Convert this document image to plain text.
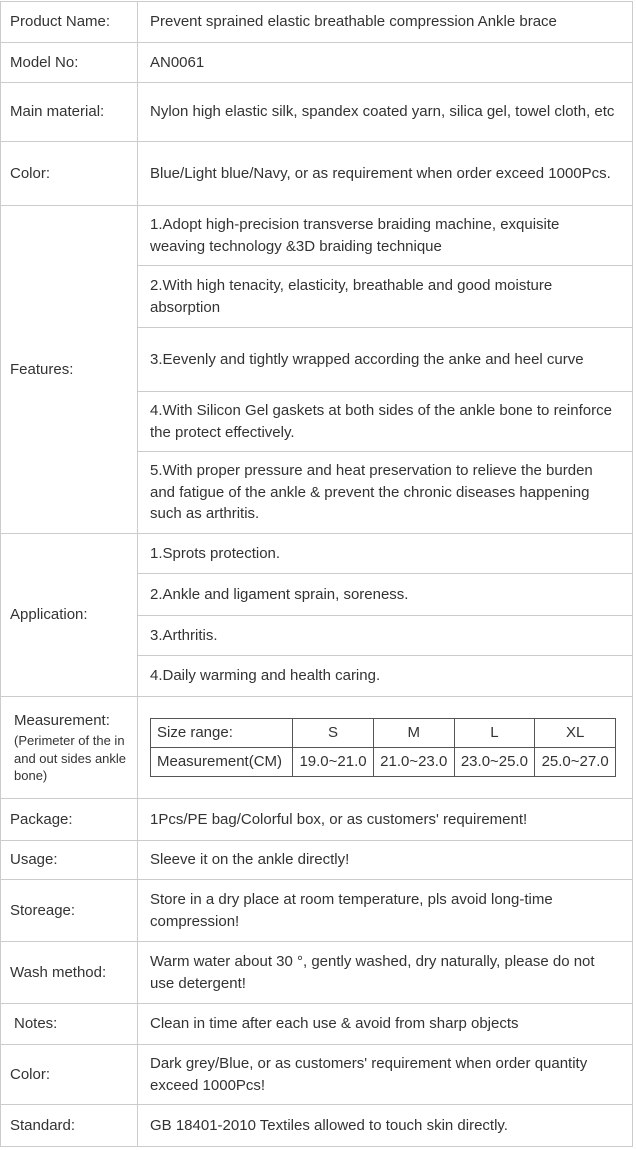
Product Name:	Prevent sprained elastic breathable compression Ankle brace
Model No:	AN0061
Main material:	Nylon high elastic silk, spandex coated yarn, silica gel, towel cloth, etc
Color:	Blue/Light blue/Navy, or as requirement when order exceed 1000Pcs.
Features:	1.Adopt high-precision transverse braiding machine, exquisite weaving technology &3D braiding technique
2.With high tenacity, elasticity, breathable and good moisture absorption
3.Eevenly and tightly wrapped according the anke and heel curve
4.With Silicon Gel gaskets at both sides of the ankle bone to reinforce the protect effectively.
5.With proper pressure and heat preservation to relieve the burden and fatigue of the ankle & prevent the chronic diseases happening such as arthritis.
Application:	1.Sprots protection.
2.Ankle and ligament sprain, soreness.
3.Arthritis.
4.Daily warming and health caring.
Measurement:
(Perimeter of the in and out sides ankle bone)

Size range:	S	M	L	XL
Measurement(CM)	19.0~21.0	21.0~23.0	23.0~25.0	25.0~27.0

Package:	1Pcs/PE bag/Colorful box, or as customers' requirement!
Usage:	Sleeve it on the ankle directly!
Storeage:	Store in a dry place at room temperature, pls avoid long-time compression!
Wash method:	Warm water about 30 °, gently washed, dry naturally, please do not use detergent!
Notes:	Clean in time after each use & avoid from sharp objects
Color:	Dark grey/Blue, or as customers' requirement when order quantity exceed 1000Pcs!
Standard:	GB 18401-2010 Textiles allowed to touch skin directly.
